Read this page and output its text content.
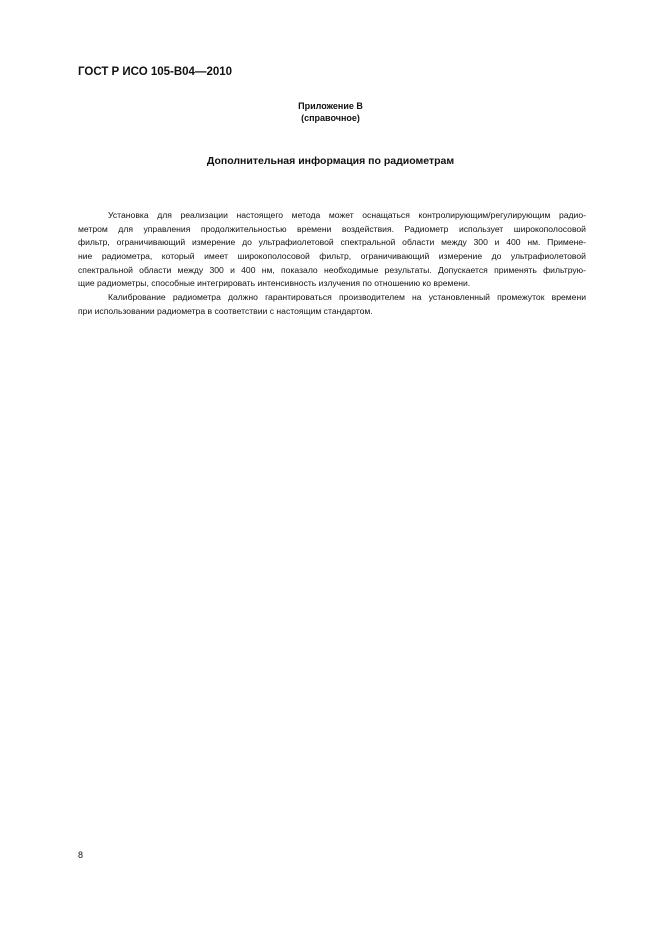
ГОСТ Р ИСО 105-B04—2010
Приложение В
(справочное)
Дополнительная информация по радиометрам
Установка для реализации настоящего метода может оснащаться контролирующим/регулирующим радио-
метром для управления продолжительностью времени воздействия. Радиометр использует широкополосовой
фильтр, ограничивающий измерение до ультрафиолетовой спектральной области между 300 и 400 нм. Примене-
ние радиометра, который имеет широкополосовой фильтр, ограничивающий измерение до ультрафиолетовой
спектральной области между 300 и 400 нм, показало необходимые результаты. Допускается применять фильтрую-
щие радиометры, способные интегрировать интенсивность излучения по отношению ко времени.
Калибрование радиометра должно гарантироваться производителем на установленный промежуток времени
при использовании радиометра в соответствии с настоящим стандартом.
8
